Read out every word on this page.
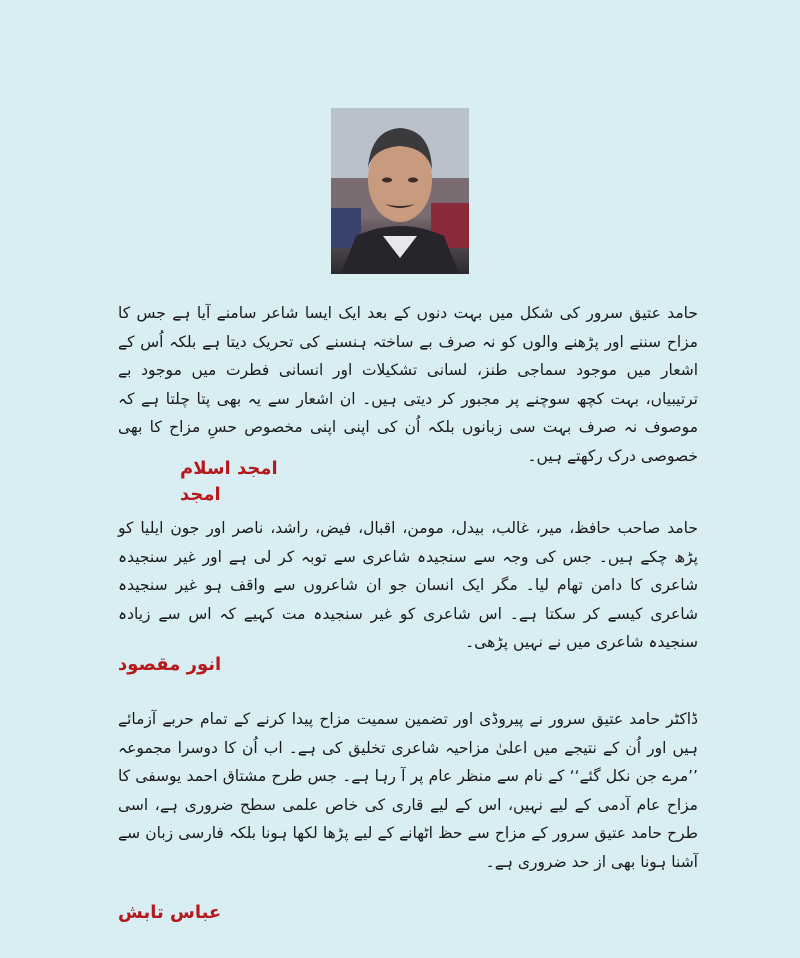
حامد عتیق سرور کی شکل میں بہت دنوں کے بعد ایک ایسا شاعر سامنے آیا ہے جس کا مزاح سننے اور پڑھنے والوں کو نہ صرف بے ساختہ ہنسنے کی تحریک دیتا ہے بلکہ اُس کے اشعار میں موجود سماجی طنز، لسانی تشکیلات اور انسانی فطرت میں موجود بے ترتیبیاں، بہت کچھ سوچنے پر مجبور کر دیتی ہیں۔ ان اشعار سے یہ بھی پتا چلتا ہے کہ موصوف نہ صرف بہت سی زبانوں بلکہ اُن کی اپنی اپنی مخصوص حسِ مزاح کا بھی خصوصی درک رکھتے ہیں۔

امجد اسلام امجد

حامد صاحب حافظ، میر، غالب، بیدل، مومن، اقبال، فیض، راشد، ناصر اور جون ایلیا کو پڑھ چکے ہیں۔ جس کی وجہ سے سنجیدہ شاعری سے توبہ کر لی ہے اور غیر سنجیدہ شاعری کا دامن تھام لیا۔ مگر ایک انسان جو ان شاعروں سے واقف ہو غیر سنجیدہ شاعری کیسے کر سکتا ہے۔ اس شاعری کو غیر سنجیدہ مت کہیے کہ اس سے زیادہ سنجیدہ شاعری میں نے نہیں پڑھی۔

انور مقصود

ڈاکٹر حامد عتیق سرور نے پیروڈی اور تضمین سمیت مزاح پیدا کرنے کے تمام حربے آزمائے ہیں اور اُن کے نتیجے میں اعلیٰ مزاحیہ شاعری تخلیق کی ہے۔ اب اُن کا دوسرا مجموعہ ’’مرے جن نکل گئے‘‘ کے نام سے منظر عام پر آ رہا ہے۔ جس طرح مشتاق احمد یوسفی کا مزاح عام آدمی کے لیے نہیں، اس کے لیے قاری کی خاص علمی سطح ضروری ہے، اسی طرح حامد عتیق سرور کے مزاح سے حظ اٹھانے کے لیے پڑھا لکھا ہونا بلکہ فارسی زبان سے آشنا ہونا بھی از حد ضروری ہے۔

عباس تابش
